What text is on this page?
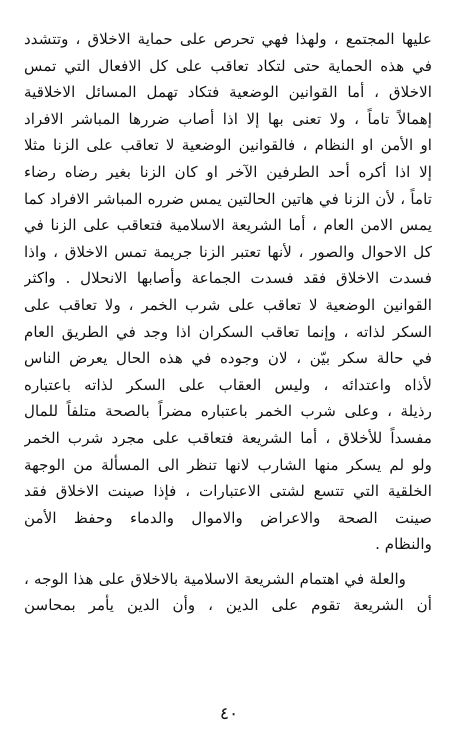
عليها المجتمع ، ولهذا فهي تحرص على حماية الاخلاق ، وتتشدد
في هذه الحماية حتى لتكاد تعاقب على كل الافعال التي تمس
الاخلاق ، أما القوانين الوضعية فتكاد تهمل المسائل الاخلاقية
إهمالاً تاماً ، ولا تعنى بها إلا اذا أصاب ضررها المباشر الافراد
او الأمن او النظام ، فالقوانين الوضعية لا تعاقب على الزنا مثلا
إلا اذا أكره أحد الطرفين الآخر او كان الزنا بغير رضاه رضاء
تاماً ، لأن الزنا في هاتين الحالتين يمس ضرره المباشر الافراد كما
يمس الامن العام ، أما الشريعة الاسلامية فتعاقب على الزنا في
كل الاحوال والصور ، لأنها تعتبر الزنا جريمة تمس الاخلاق ، واذا
فسدت الاخلاق فقد فسدت الجماعة وأصابها الانحلال . واكثر
القوانين الوضعية لا تعاقب على شرب الخمر ، ولا تعاقب على
السكر لذاته ، وإنما تعاقب السكران اذا وجد في الطريق العام
في حالة سكر بيّن ، لان وجوده في هذه الحال يعرض الناس
لأذاه واعتدائه ، وليس العقاب على السكر لذاته باعتباره
رذيلة ، وعلى شرب الخمر باعتباره مضراً بالصحة متلفاً للمال
مفسداً للأخلاق ، أما الشريعة فتعاقب على مجرد شرب الخمر
ولو لم يسكر منها الشارب لانها تنظر الى المسألة من الوجهة
الخلقية التي تتسع لشتى الاعتبارات ، فإذا صينت الاخلاق فقد
صينت الصحة والاعراض والاموال والدماء وحفظ الأمن
والنظام .
والعلة في اهتمام الشريعة الاسلامية بالاخلاق على هذا الوجه ،
أن الشريعة تقوم على الدين ، وأن الدين يأمر بمحاسن
٤٠
